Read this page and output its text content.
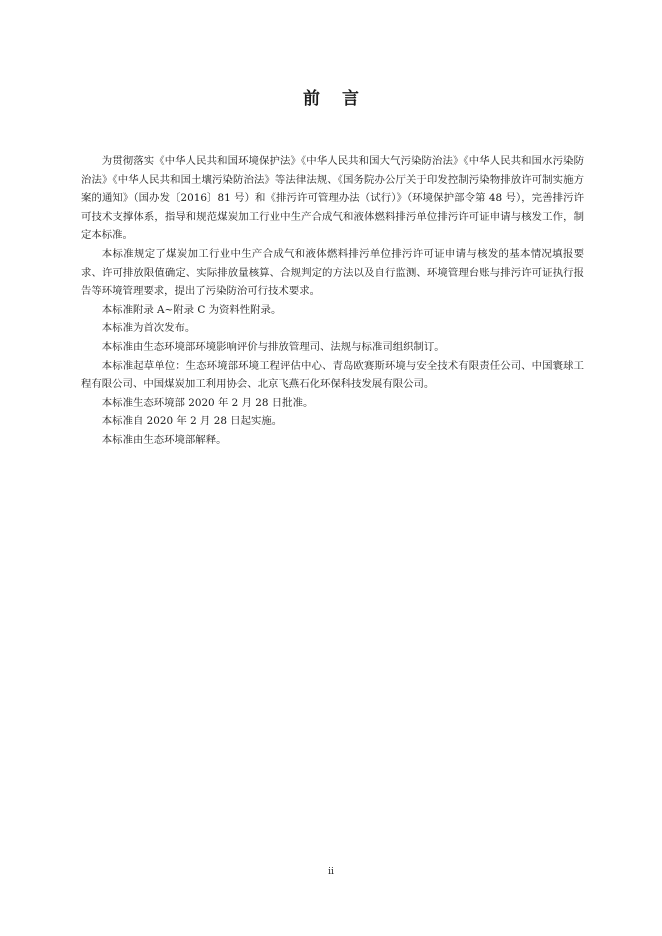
前 言

为贯彻落实《中华人民共和国环境保护法》《中华人民共和国大气污染防治法》《中华人民共和国水污染防治法》《中华人民共和国土壤污染防治法》等法律法规、《国务院办公厅关于印发控制污染物排放许可制实施方案的通知》（国办发〔2016〕81 号）和《排污许可管理办法（试行）》（环境保护部令第 48 号），完善排污许可技术支撑体系，指导和规范煤炭加工行业中生产合成气和液体燃料排污单位排污许可证申请与核发工作，制定本标准。

本标准规定了煤炭加工行业中生产合成气和液体燃料排污单位排污许可证申请与核发的基本情况填报要求、许可排放限值确定、实际排放量核算、合规判定的方法以及自行监测、环境管理台账与排污许可证执行报告等环境管理要求，提出了污染防治可行技术要求。

本标准附录 A~附录 C 为资料性附录。

本标准为首次发布。

本标准由生态环境部环境影响评价与排放管理司、法规与标准司组织制订。

本标准起草单位：生态环境部环境工程评估中心、青岛欧赛斯环境与安全技术有限责任公司、中国寰球工程有限公司、中国煤炭加工利用协会、北京飞燕石化环保科技发展有限公司。

本标准生态环境部 2020 年 2 月 28 日批准。

本标准自 2020 年 2 月 28 日起实施。

本标准由生态环境部解释。

ii
